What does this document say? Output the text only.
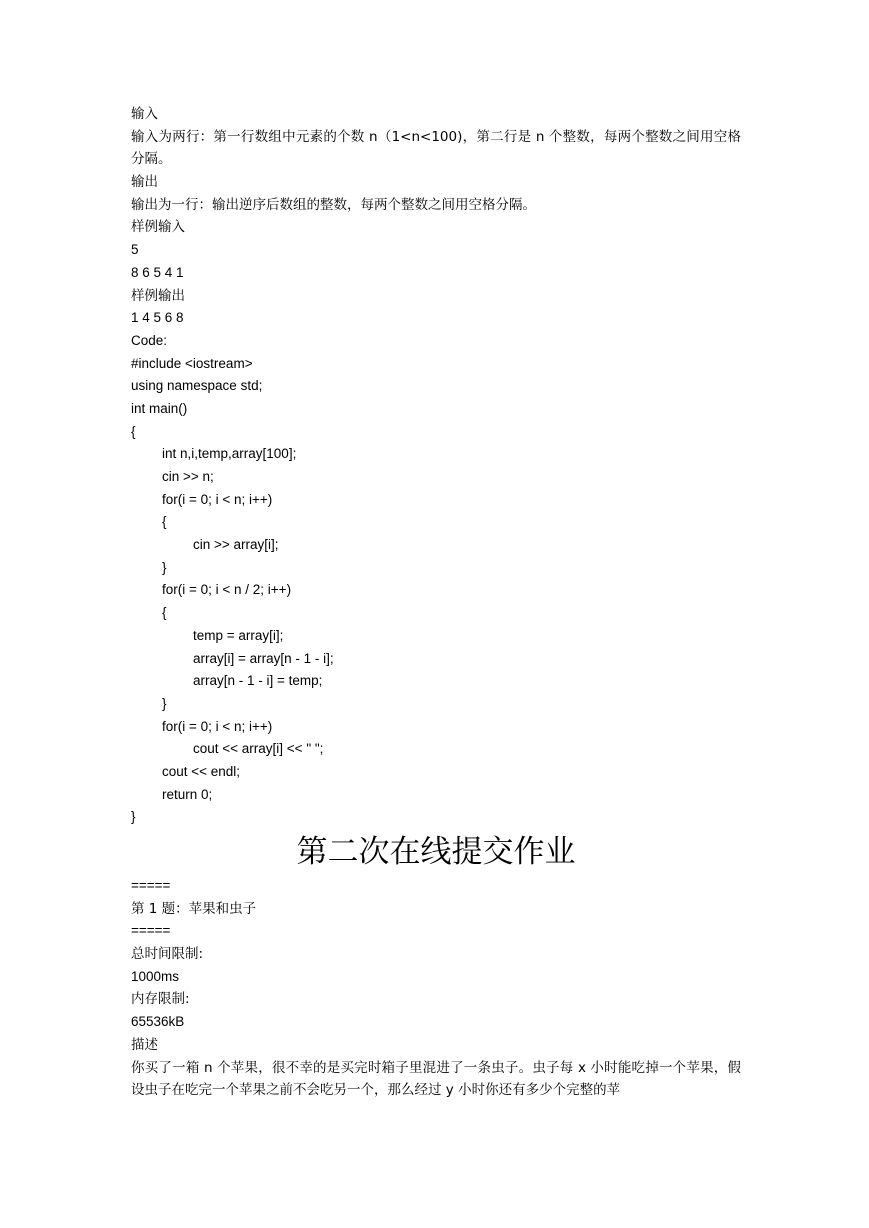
输入
输入为两行：第一行数组中元素的个数 n（1<n<100)，第二行是 n 个整数，每两个整数之间用空格分隔。
输出
输出为一行：输出逆序后数组的整数，每两个整数之间用空格分隔。
样例输入
5
8 6 5 4 1
样例输出
1 4 5 6 8
Code:
#include <iostream>
using namespace std;
int main()
{
int n,i,temp,array[100];
cin >> n;
for(i = 0; i < n; i++)
{
cin >> array[i];
}
for(i = 0; i < n / 2; i++)
{
temp = array[i];
array[i] = array[n - 1 - i];
array[n - 1 - i] = temp;
}
for(i = 0; i < n; i++)
cout << array[i] << " ";
cout << endl;
return 0;
}
第二次在线提交作业
=====
第 1 题：苹果和虫子
=====
总时间限制:
1000ms
内存限制:
65536kB
描述
你买了一箱 n 个苹果，很不幸的是买完时箱子里混进了一条虫子。虫子每 x 小时能吃掉一个苹果，假设虫子在吃完一个苹果之前不会吃另一个，那么经过 y 小时你还有多少个完整的苹
